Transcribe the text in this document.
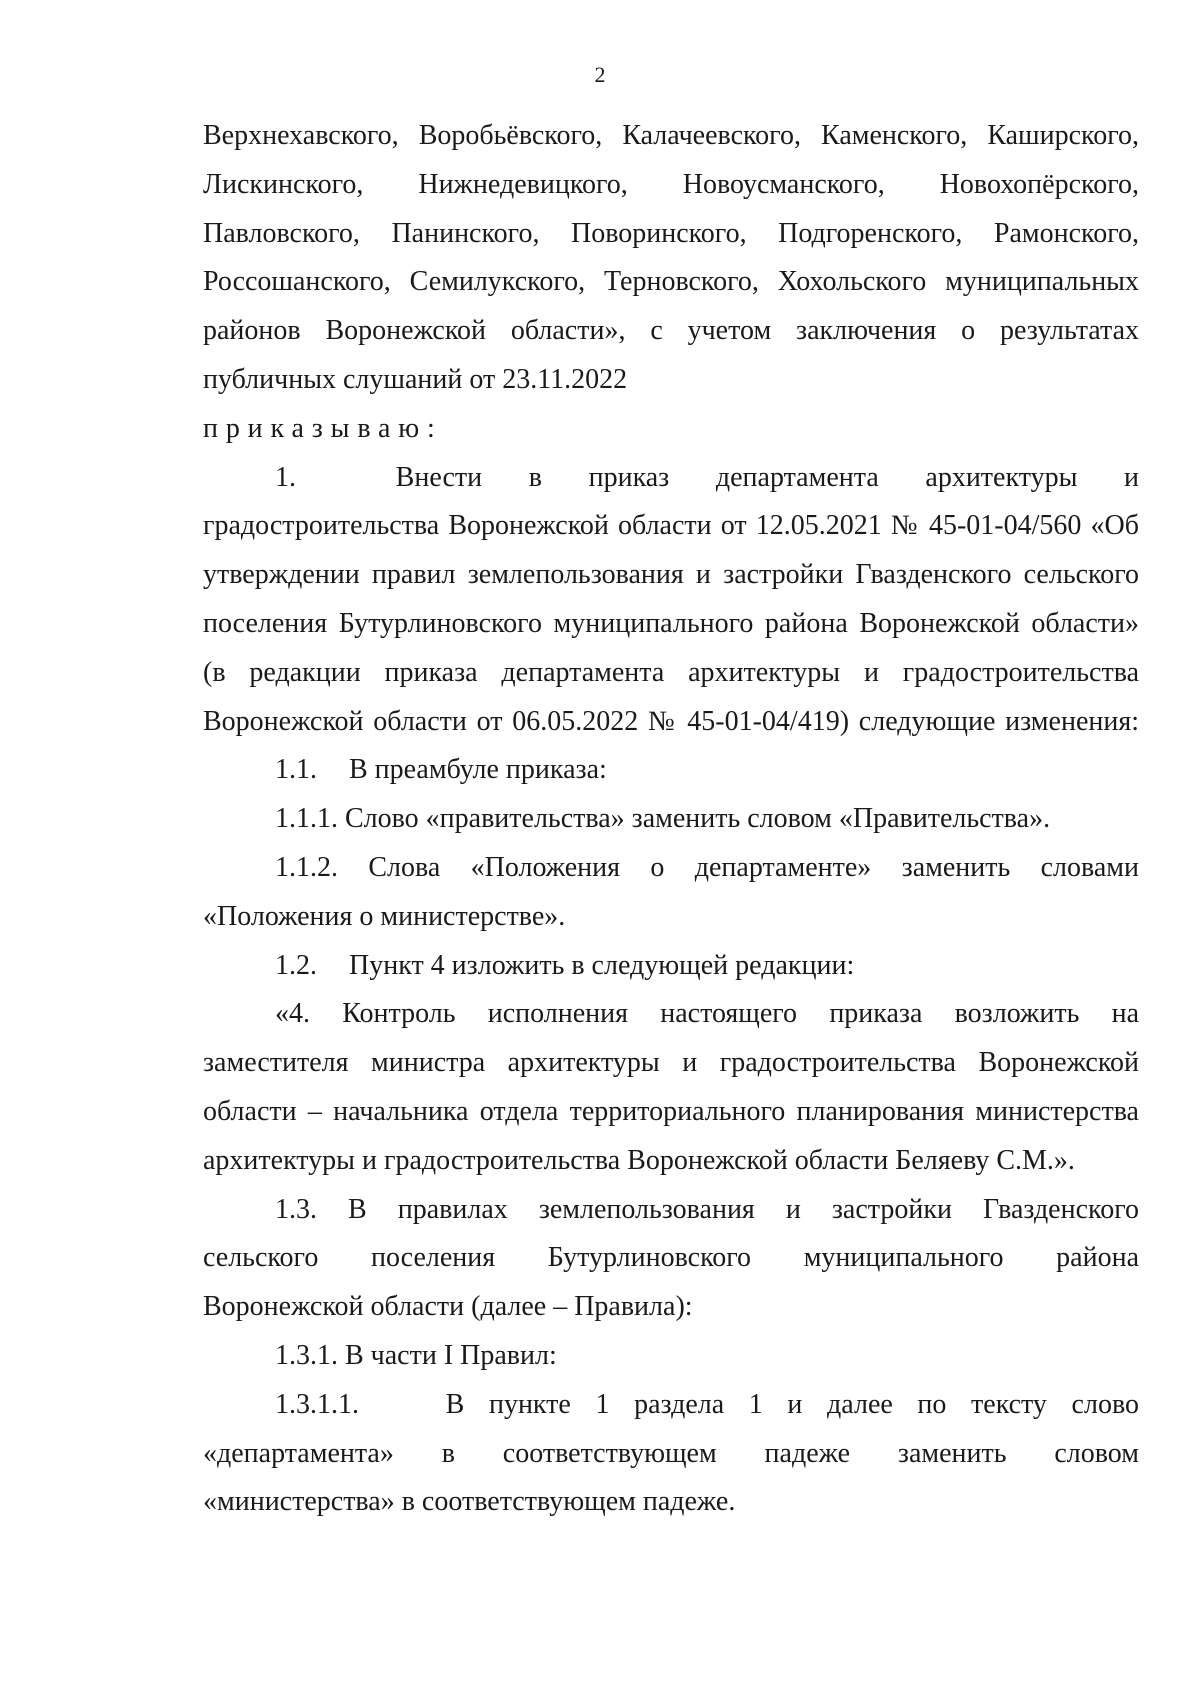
2
Верхнехавского, Воробьёвского, Калачеевского, Каменского, Каширского,
Лискинского, Нижнедевицкого, Новоусманского, Новохопёрского,
Павловского, Панинского, Поворинского, Подгоренского, Рамонского,
Россошанского, Семилукского, Терновского, Хохольского муниципальных
районов Воронежской области», с учетом заключения о результатах
публичных слушаний от 23.11.2022
приказываю:
1.	Внести в приказ департамента архитектуры и
градостроительства Воронежской области от 12.05.2021 № 45-01-04/560 «Об
утверждении правил землепользования и застройки Гвазденского сельского
поселения Бутурлиновского муниципального района Воронежской области»
(в редакции приказа департамента архитектуры и градостроительства
Воронежской области от 06.05.2022 № 45-01-04/419) следующие изменения:
1.1. В преамбуле приказа:
1.1.1. Слово «правительства» заменить словом «Правительства».
1.1.2. Слова «Положения о департаменте» заменить словами
«Положения о министерстве».
1.2. Пункт 4 изложить в следующей редакции:
«4. Контроль исполнения настоящего приказа возложить на
заместителя министра архитектуры и градостроительства Воронежской
области – начальника отдела территориального планирования министерства
архитектуры и градостроительства Воронежской области Беляеву С.М.».
1.3. В правилах землепользования и застройки Гвазденского
сельского поселения Бутурлиновского муниципального района
Воронежской области (далее – Правила):
1.3.1. В части I Правил:
1.3.1.1.	В пункте 1 раздела 1 и далее по тексту слово
«департамента» в соответствующем падеже заменить словом
«министерства» в соответствующем падеже.
